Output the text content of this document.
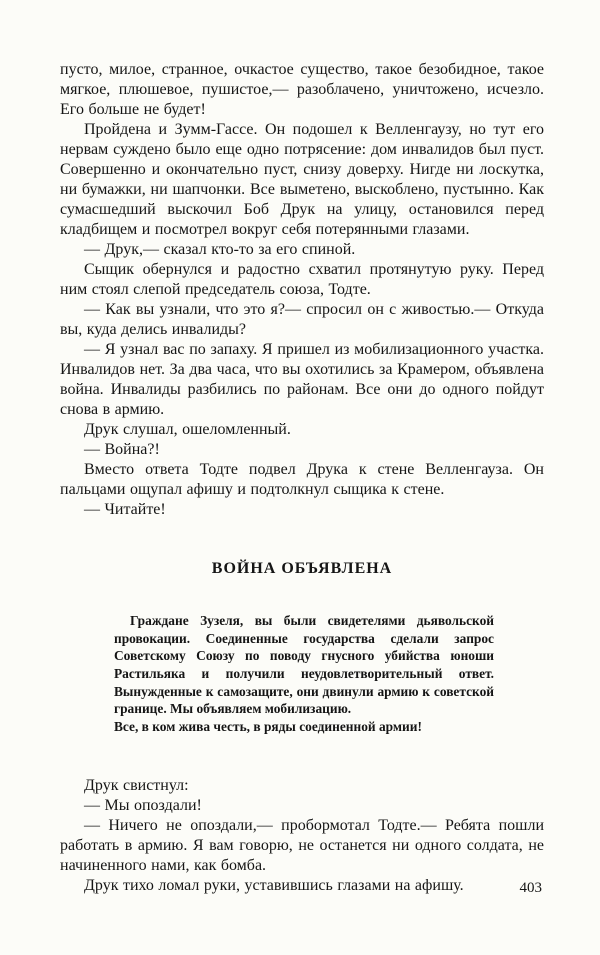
пусто, милое, странное, очкастое существо, такое безобидное, такое мягкое, плюшевое, пушистое,— разоблачено, уничтожено, исчезло. Его больше не будет!

Пройдена и Зумм-Гассе. Он подошел к Велленгаузу, но тут его нервам суждено было еще одно потрясение: дом инвалидов был пуст. Совершенно и окончательно пуст, снизу доверху. Нигде ни лоскутка, ни бумажки, ни шапчонки. Все выметено, выскоблено, пустынно. Как сумасшедший выскочил Боб Друк на улицу, остановился перед кладбищем и посмотрел вокруг себя потерянными глазами.

— Друк,— сказал кто-то за его спиной.

Сыщик обернулся и радостно схватил протянутую руку. Перед ним стоял слепой председатель союза, Тодте.

— Как вы узнали, что это я?— спросил он с живостью.— Откуда вы, куда делись инвалиды?

— Я узнал вас по запаху. Я пришел из мобилизационного участка. Инвалидов нет. За два часа, что вы охотились за Крамером, объявлена война. Инвалиды разбились по районам. Все они до одного пойдут снова в армию.

Друк слушал, ошеломленный.

— Война?!

Вместо ответа Тодте подвел Друка к стене Велленгауза. Он пальцами ощупал афишу и подтолкнул сыщика к стене.

— Читайте!

ВОЙНА ОБЪЯВЛЕНА

Граждане Зузеля, вы были свидетелями дьявольской провокации. Соединенные государства сделали запрос Советскому Союзу по поводу гнусного убийства юноши Растильяка и получили неудовлетворительный ответ. Вынужденные к самозащите, они двинули армию к советской границе. Мы объявляем мобилизацию.

Все, в ком жива честь, в ряды соединенной армии!

Друк свистнул:

— Мы опоздали!

— Ничего не опоздали,— пробормотал Тодте.— Ребята пошли работать в армию. Я вам говорю, не останется ни одного солдата, не начиненного нами, как бомба.

Друк тихо ломал руки, уставившись глазами на афишу.	403
